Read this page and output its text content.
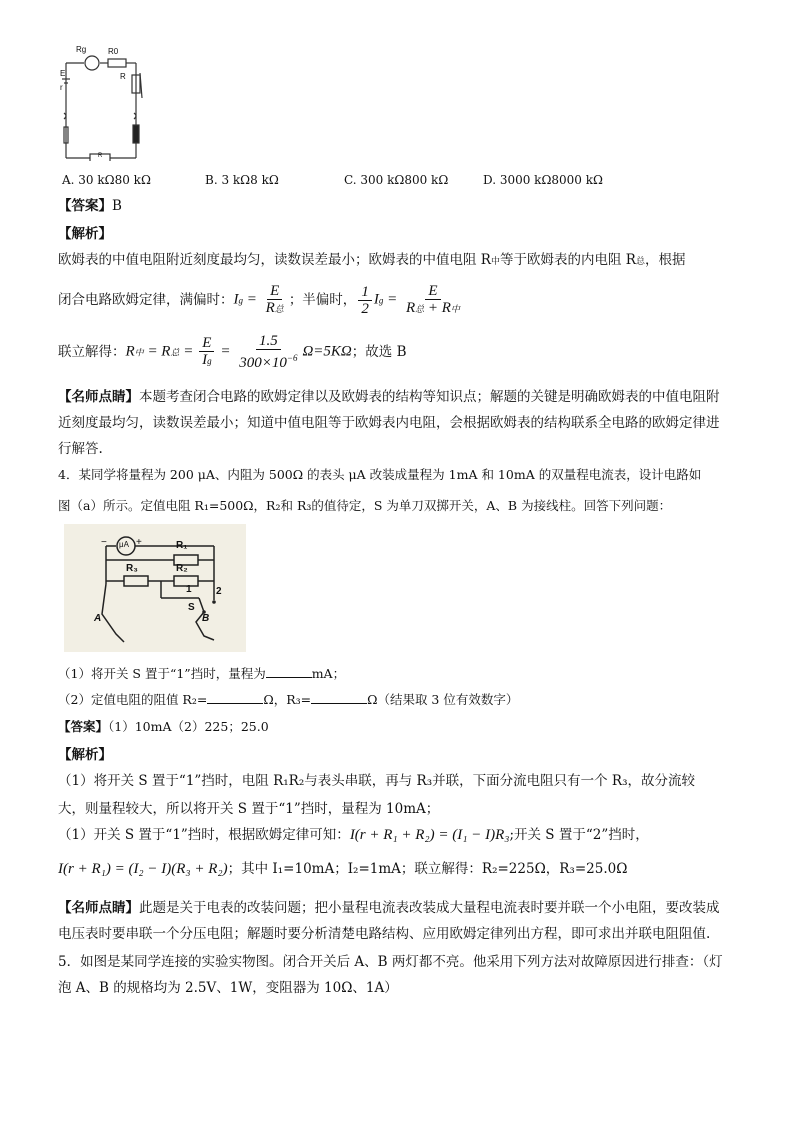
Rg	R0
R
E
r
R
A. 30 kΩ80 kΩ	B. 3 kΩ8 kΩ	C. 300 kΩ800 kΩ	D. 3000 kΩ8000 kΩ
【答案】B
【解析】
欧姆表的中值电阻附近刻度最均匀，读数误差最小；欧姆表的中值电阻 R中等于欧姆表的内电阻 R总，根据
闭合电路欧姆定律，满偏时： $Ig = \frac{E}{\text{R总}}$ ；半偏时， $\frac{1}{2}$ $Ig = \frac{E}{\text{R总 + R中}}$
联立解得： R中 = R总 = $\frac{E}{Ig} = \frac{1.5}{300\times 10^{-6}} \Omega=5K\Omega$ ；故选 B
【名师点睛】本题考查闭合电路的欧姆定律以及欧姆表的结构等知识点；解题的关键是明确欧姆表的中值电阻附
近刻度最均匀，读数误差最小；知道中值电阻等于欧姆表内电阻，会根据欧姆表的结构联系全电路的欧姆定律进
行解答.
4．某同学将量程为 200 μA、内阻为 500Ω 的表头 μA 改装成量程为 1mA 和 10mA 的双量程电流表，设计电路如
图（a）所示。定值电阻 R₁=500Ω，R₂和 R₃的值待定，S 为单刀双掷开关，A、B 为接线柱。回答下列问题：
− μA +	R₁
R₃	R₂
1 2
S
A	B
（1）将开关 S 置于“1”挡时，量程为	mA；
（2）定值电阻的阻值 R₂=	Ω，R₃=	Ω（结果取 3 位有效数字）
【答案】（1）10mA（2）225；25.0
【解析】
（1）将开关 S 置于“1”挡时，电阻 R₁R₂与表头串联，再与 R₃并联，下面分流电阻只有一个 R₃，故分流较
大，则量程较大，所以将开关 S 置于“1”挡时，量程为 10mA；
（1）开关 S 置于“1”挡时，根据欧姆定律可知：I(r + R₁ + R₂) = (I₁ − I)R₃;开关 S 置于“2”挡时，
I(r + R₁) = (I₂ − I)(R₃ + R₂)；其中 I₁=10mA；I₂=1mA；联立解得：R₂=225Ω，R₃=25.0Ω
【名师点睛】此题是关于电表的改装问题；把小量程电流表改装成大量程电流表时要并联一个小电阻，要改装成
电压表时要串联一个分压电阻；解题时要分析清楚电路结构、应用欧姆定律列出方程，即可求出并联电阻阻值.
5．如图是某同学连接的实验实物图。闭合开关后 A、B 两灯都不亮。他采用下列方法对故障原因进行排查：（灯
泡 A、B 的规格均为 2.5V、1W，变阻器为 10Ω、1A）
